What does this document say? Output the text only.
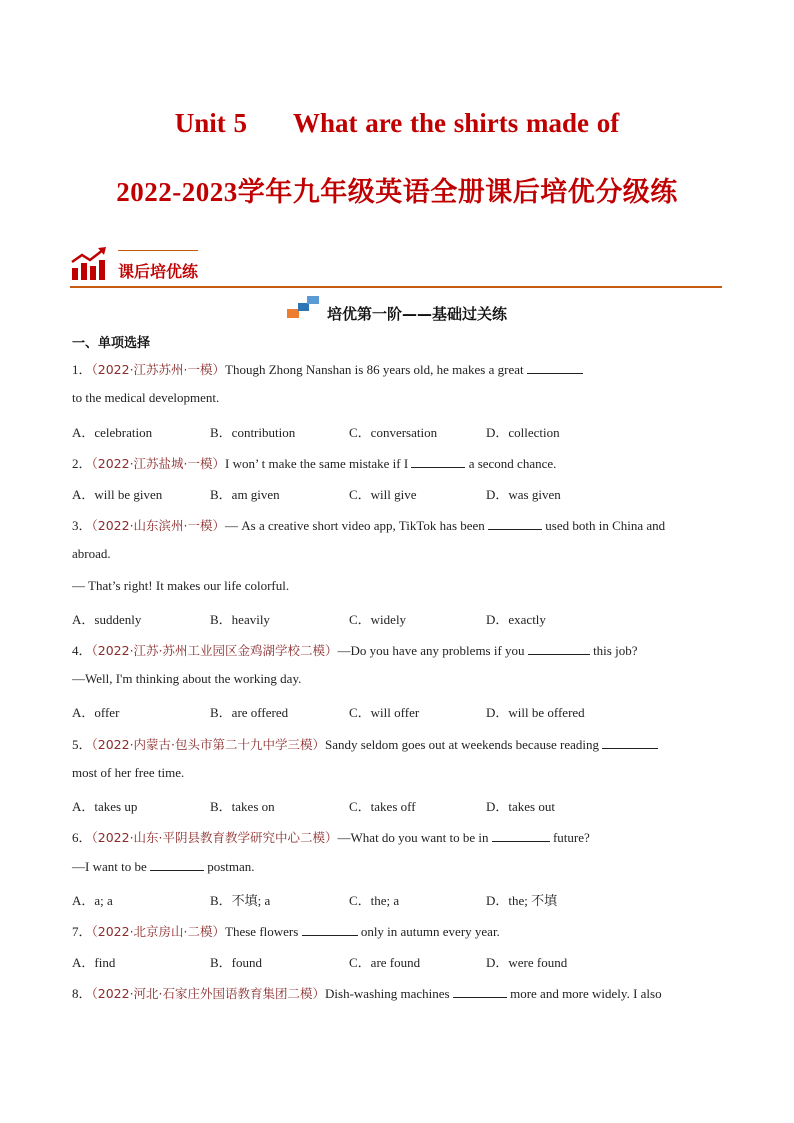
Unit 5 What are the shirts made of
2022-2023学年九年级英语全册课后培优分级练
课后培优练
培优第一阶——基础过关练
一、单项选择
1．（2022·江苏苏州·一模）Though Zhong Nanshan is 86 years old, he makes a great
to the medical development.
A．celebration	B．contribution	C．conversation	D．collection
2．（2022·江苏盐城·一模）I won’ t make the same mistake if I	a second chance.
A．will be given	B．am given	C．will give	D．was given
3．（2022·山东滨州·一模）— As a creative short video app, TikTok has been	used both in China and
abroad.
— That’s right! It makes our life colorful.
A．suddenly	B．heavily	C．widely	D．exactly
4．（2022·江苏·苏州工业园区金鸡湖学校二模）—Do you have any problems if you	this job?
—Well, I'm thinking about the working day.
A．offer	B．are offered	C．will offer	D．will be offered
5．（2022·内蒙古·包头市第二十九中学三模）Sandy seldom goes out at weekends because reading
most of her free time.
A．takes up	B．takes on	C．takes off	D．takes out
6．（2022·山东·平阴县教育教学研究中心二模）—What do you want to be in	future?
—I want to be	postman.
A．a; a	B．不填; a	C．the; a	D．the; 不填
7．（2022·北京房山·二模）These flowers	only in autumn every year.
A．find	B．found	C．are found	D．were found
8．（2022·河北·石家庄外国语教育集团二模）Dish-washing machines	more and more widely. I also
